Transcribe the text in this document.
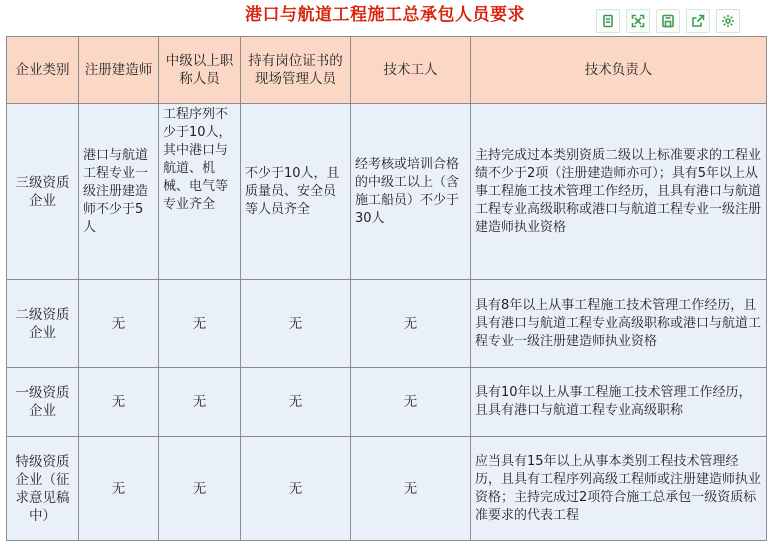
港口与航道工程施工总承包人员要求
企业类别	注册建造师	中级以上职称人员	持有岗位证书的现场管理人员	技术工人	技术负责人
三级资质企业	港口与航道工程专业一级注册建造师不少于5人	工程序列不少于10人，其中港口与航道、机械、电气等专业齐全	不少于10人，且质量员、安全员等人员齐全	经考核或培训合格的中级工以上（含施工船员）不少于30人	主持完成过本类别资质二级以上标准要求的工程业绩不少于2项（注册建造师亦可）；具有5年以上从事工程施工技术管理工作经历，且具有港口与航道工程专业高级职称或港口与航道工程专业一级注册建造师执业资格
二级资质企业	无	无	无	无	具有8年以上从事工程施工技术管理工作经历，且具有港口与航道工程专业高级职称或港口与航道工程专业一级注册建造师执业资格
一级资质企业	无	无	无	无	具有10年以上从事工程施工技术管理工作经历，且具有港口与航道工程专业高级职称
特级资质企业（征求意见稿中）	无	无	无	无	应当具有15年以上从事本类别工程技术管理经历，且具有工程序列高级工程师或注册建造师执业资格；主持完成过2项符合施工总承包一级资质标准要求的代表工程
